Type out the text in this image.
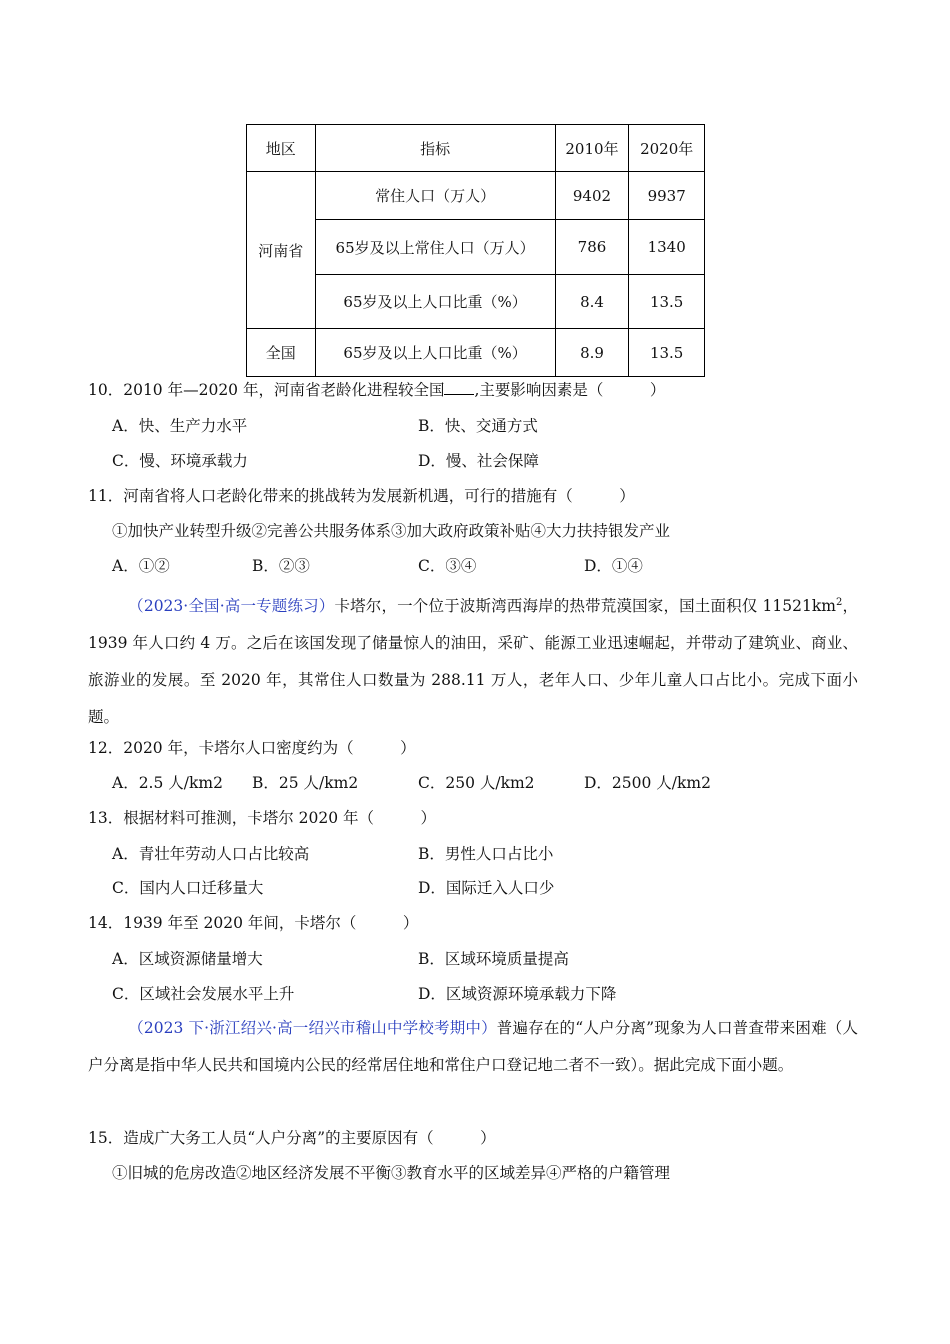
地区	指标	2010年	2020年
河南省	常住人口（万人）	9402	9937
	65岁及以上常住人口（万人）	786	1340
	65岁及以上人口比重（%）	8.4	13.5
全国	65岁及以上人口比重（%）	8.9	13.5
10．2010 年—2020 年，河南省老龄化进程较全国 ,主要影响因素是（　　　）
A．快、生产力水平	B．快、交通方式
C．慢、环境承载力	D．慢、社会保障
11．河南省将人口老龄化带来的挑战转为发展新机遇，可行的措施有（　　　）
①加快产业转型升级②完善公共服务体系③加大政府政策补贴④大力扶持银发产业
A．①②	B．②③	C．③④	D．①④
（2023·全国·高一专题练习）卡塔尔，一个位于波斯湾西海岸的热带荒漠国家，国土面积仅 $11521km^2$，1939 年人口约 4 万。之后在该国发现了储量惊人的油田，采矿、能源工业迅速崛起，并带动了建筑业、商业、旅游业的发展。至 2020 年，其常住人口数量为 288.11 万人，老年人口、少年儿童人口占比小。完成下面小题。
12．2020 年，卡塔尔人口密度约为（　　　）
A．2.5 人/km2 B．25 人/km2	C．250 人/km2	D．2500 人/km2
13．根据材料可推测，卡塔尔 2020 年（　　　）
A．青壮年劳动人口占比较高	B．男性人口占比小
C．国内人口迁移量大	D．国际迁入人口少
14．1939 年至 2020 年间，卡塔尔（　　　）
A．区域资源储量增大	B．区域环境质量提高
C．区域社会发展水平上升	D．区域资源环境承载力下降
（2023 下·浙江绍兴·高一绍兴市稽山中学校考期中）普遍存在的“人户分离”现象为人口普查带来困难（人户分离是指中华人民共和国境内公民的经常居住地和常住户口登记地二者不一致）。据此完成下面小题。
15．造成广大务工人员“人户分离”的主要原因有（　　　）
①旧城的危房改造②地区经济发展不平衡③教育水平的区域差异④严格的户籍管理
